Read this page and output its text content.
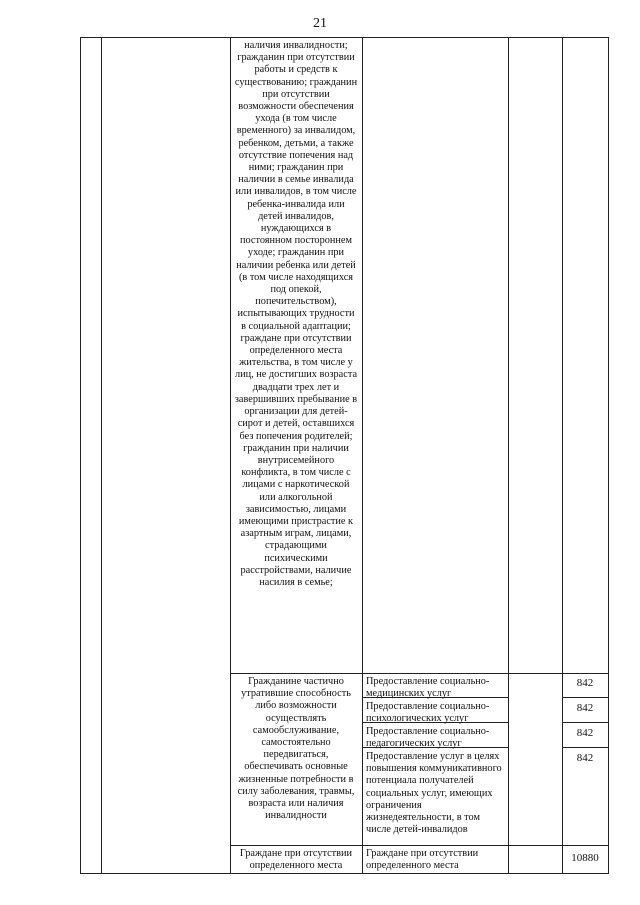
21
наличия инвалидности; гражданин при отсутствии работы и средств к существованию; гражданин при отсутствии возможности обеспечения ухода (в том числе временного) за инвалидом, ребенком, детьми, а также отсутствие попечения над ними; гражданин при наличии в семье инвалида или инвалидов, в том числе ребенка-инвалида или детей инвалидов, нуждающихся в постоянном постороннем уходе; гражданин при наличии ребенка или детей (в том числе находящихся под опекой, попечительством), испытывающих трудности в социальной адаптации; граждане при отсутствии определенного места жительства, в том числе у лиц, не достигших возраста двадцати трех лет и завершивших пребывание в организации для детей-сирот и детей, оставшихся без попечения родителей; гражданин при наличии внутрисемейного конфликта, в том числе с лицами с наркотической или алкогольной зависимостью, лицами имеющими пристрастие к азартным играм, лицами, страдающими психическими расстройствами, наличие насилия в семье;
Гражданине частично утратившие способность либо возможности осуществлять самообслуживание, самостоятельно передвигаться, обеспечивать основные жизненные потребности в силу заболевания, травмы, возраста или наличия инвалидности
Предоставление социально-медицинских услуг
842
Предоставление социально-психологических услуг
842
Предоставление социально-педагогических услуг
842
Предоставление услуг в целях повышения коммуникативного потенциала получателей социальных услуг, имеющих ограничения жизнедеятельности, в том числе детей-инвалидов
842
Граждане при отсутствии определенного места
Граждане при отсутствии определенного места
10880
